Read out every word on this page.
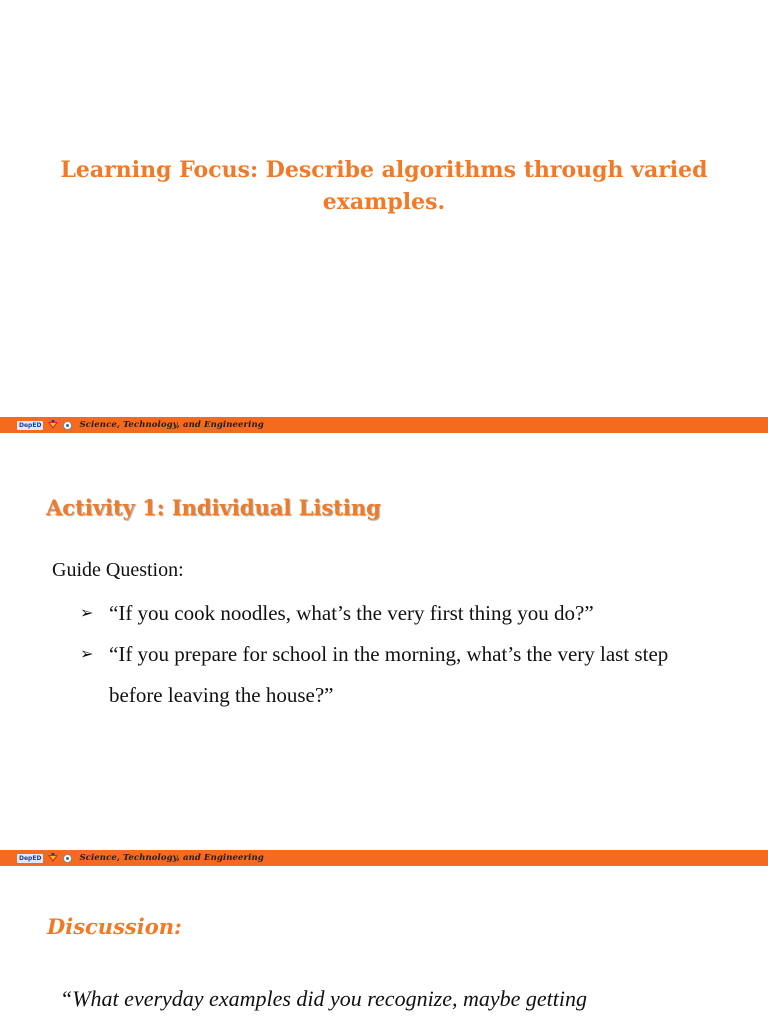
Learning Focus: Describe algorithms through varied examples.
DepED	Science, Technology, and Engineering
Activity 1: Individual Listing
Guide Question:
➢ “If you cook noodles, what’s the very first thing you do?”
➢ “If you prepare for school in the morning, what’s the very last step before leaving the house?”
DepED	Science, Technology, and Engineering
Discussion:
“What everyday examples did you recognize, maybe getting
